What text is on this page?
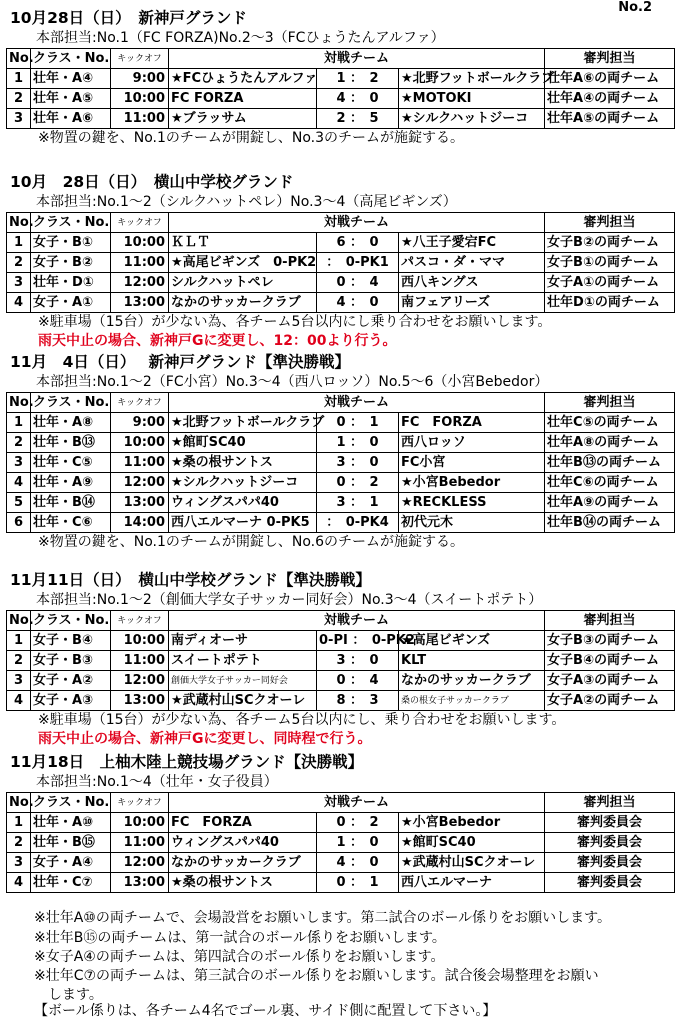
No.2
10月28日（日）　新神戸グランド
本部担当:No.1（FC FORZA)No.2～3（FCひょうたんアルファ）
No.	クラス・No.	キックオフ	対戦チーム			審判担当
1	壮年・A④	9:00	★FCひょうたんアルファ	1 ：　2	★北野フットボールクラブ	壮年A⑥の両チーム
2	壮年・A⑤	10:00	FC FORZA	4 ：　0	★MOTOKI	壮年A④の両チーム
3	壮年・A⑥	11:00	★ブラッサム	2 ：　5	★シルクハットジーコ	壮年A⑤の両チーム
※物置の鍵を、No.1のチームが開錠し、No.3のチームが施錠する。
10月　28日（日）　横山中学校グランド
本部担当:No.1～2（シルクハットペレ）No.3～4（高尾ビギンズ）
No.	クラス・No.	キックオフ	対戦チーム			審判担当
1	女子・B①	10:00	ＫＬＴ	6 ：　0	★八王子愛宕FC	女子B②の両チーム
2	女子・B②	11:00	★高尾ビギンズ　0-PK2	：　0-PK1	パスコ・ダ・ママ	女子B①の両チーム
3	壮年・D①	12:00	シルクハットペレ	0 ：　4	西八キングス	女子A①の両チーム
4	女子・A①	13:00	なかのサッカークラブ	4 ：　0	南フェアリーズ	壮年D①の両チーム
※駐車場（15台）が少ない為、各チーム5台以内にし乗り合わせをお願いします。
雨天中止の場合、新神戸Gに変更し、12：00より行う。
11月　4日（日）　 新神戸グランド【準決勝戦】
本部担当:No.1～2（FC小宮）No.3～4（西八ロッソ）No.5～6（小宮Bebedor）
No.	クラス・No.	キックオフ	対戦チーム			審判担当
1	壮年・A⑧	9:00	★北野フットボールクラブ	0 ：　1	FC　FORZA	壮年C⑤の両チーム
2	壮年・B⑬	10:00	★館町SC40	1 ：　0	西八ロッソ	壮年A⑧の両チーム
3	壮年・C⑤	11:00	★桑の根サントス	3 ：　0	FC小宮	壮年B⑬の両チーム
4	壮年・A⑨	12:00	★シルクハットジーコ	0 ：　2	★小宮Bebedor	壮年C⑥の両チーム
5	壮年・B⑭	13:00	ウィングスパパ40	3 ：　1	★RECKLESS	壮年A⑨の両チーム
6	壮年・C⑥	14:00	西八エルマーナ 0-PK5	：　0-PK4	初代元木	壮年B⑭の両チーム
※物置の鍵を、No.1のチームが開錠し、No.6のチームが施錠する。
11月11日（日）　横山中学校グランド【準決勝戦】
本部担当:No.1～2（創価大学女子サッカー同好会）No.3～4（スイートポテト）
No.	クラス・No.	キックオフ	対戦チーム			審判担当
1	女子・B④	10:00	南ディオーサ	0-PI ：　0-PK2	★高尾ビギンズ	女子B③の両チーム
2	女子・B③	11:00	スイートポテト	3 ：　0	KLT	女子B④の両チーム
3	女子・A②	12:00	創価大学女子サッカー同好会	0 ：　4	なかのサッカークラブ	女子A③の両チーム
4	女子・A③	13:00	★武蔵村山SCクオーレ	8 ：　3	桑の根女子サッカークラブ	女子A②の両チーム
※駐車場（15台）が少ない為、各チーム5台以内にし、乗り合わせをお願いします。
雨天中止の場合、新神戸Gに変更し、同時程で行う。
11月18日　上柚木陸上競技場グランド【決勝戦】
本部担当:No.1～4（壮年・女子役員）
No.	クラス・No.	キックオフ	対戦チーム			審判担当
1	壮年・A⑩	10:00	FC　FORZA	0 ：　2	★小宮Bebedor	審判委員会
2	壮年・B⑮	11:00	ウィングスパパ40	1 ：　0	★館町SC40	審判委員会
3	女子・A④	12:00	なかのサッカークラブ	4 ：　0	★武蔵村山SCクオーレ	審判委員会
4	壮年・C⑦	13:00	★桑の根サントス	0 ：　1	西八エルマーナ	審判委員会
※壮年A⑩の両チームで、会場設営をお願いします。第二試合のボール係りをお願いします。
※壮年B⑮の両チームは、第一試合のボール係りをお願いします。
※女子A④の両チームは、第四試合のボール係りをお願いします。
※壮年C⑦の両チームは、第三試合のボール係りをお願いします。試合後会場整理をお願い
　します。
【ボール係りは、各チーム4名でゴール裏、サイド側に配置して下さい。】
